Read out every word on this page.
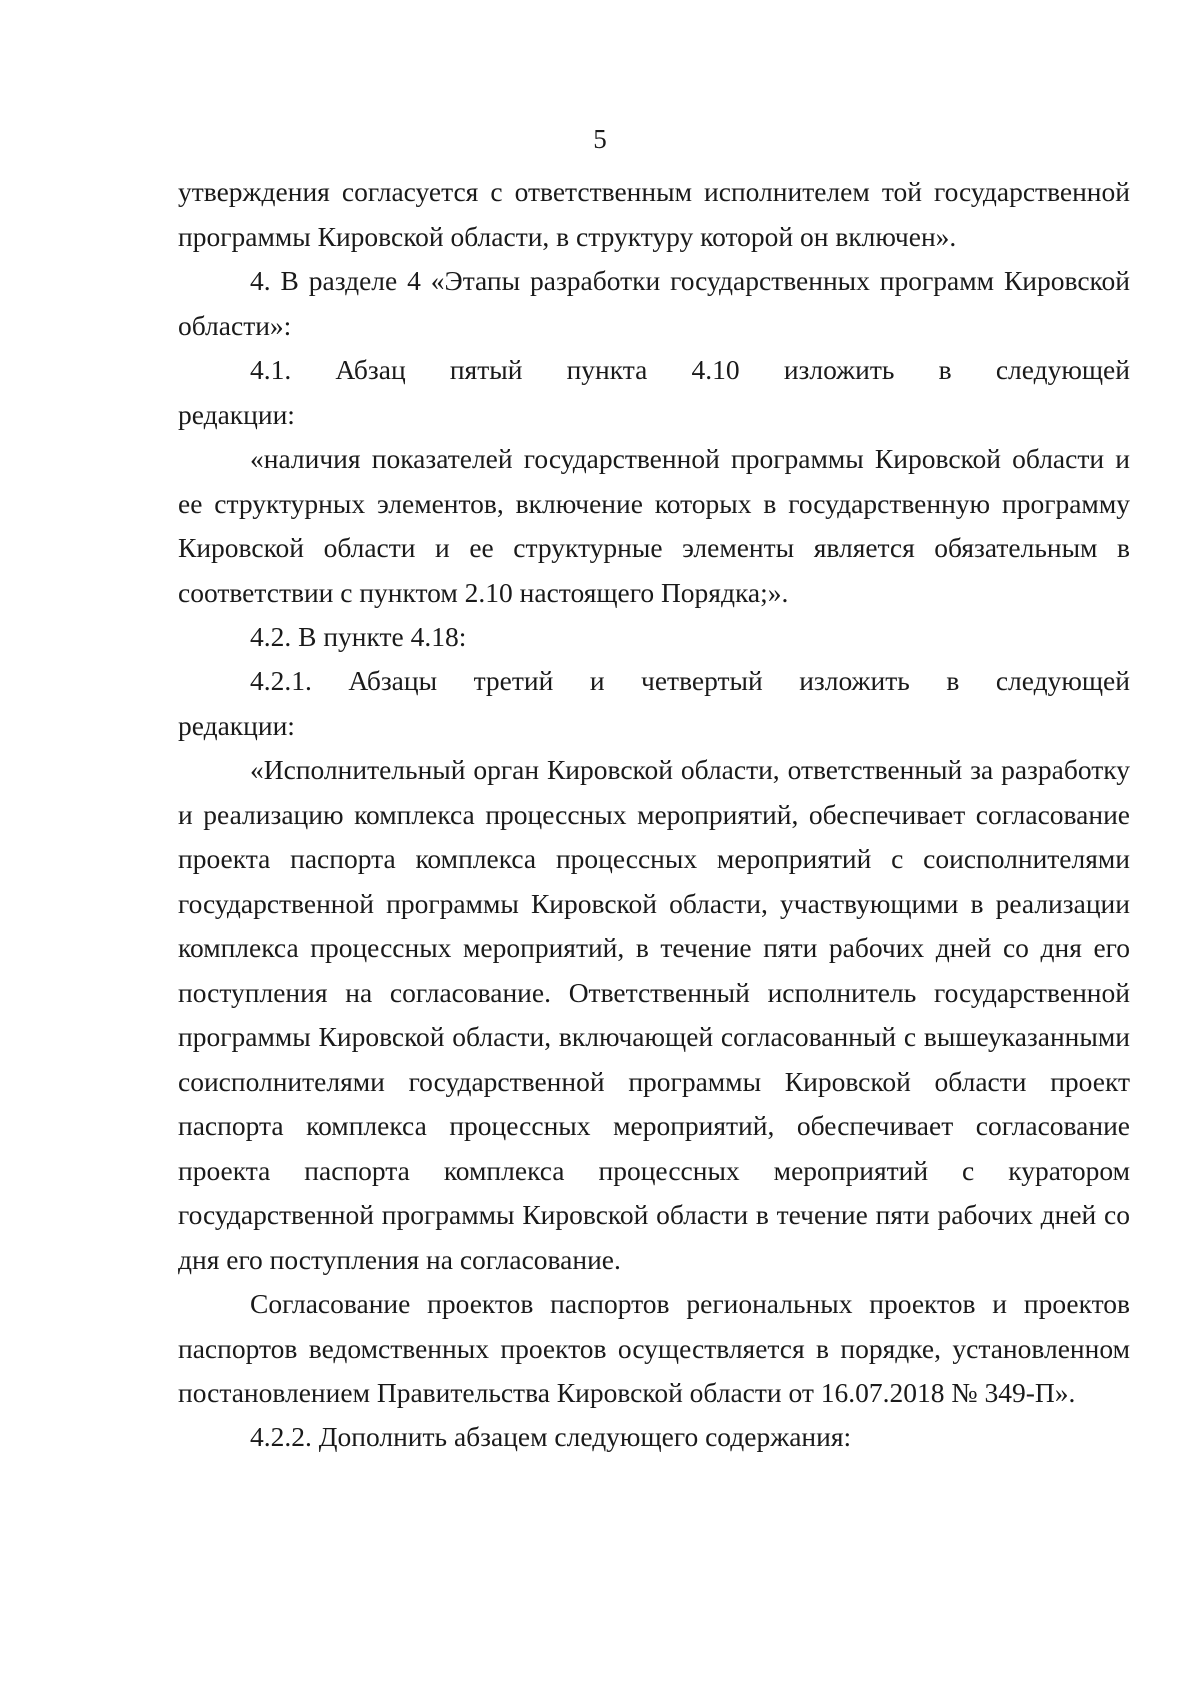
5

утверждения согласуется с ответственным исполнителем той государственной программы Кировской области, в структуру которой он включен».

4. В разделе 4 «Этапы разработки государственных программ Кировской области»:

4.1. Абзац пятый пункта 4.10 изложить в следующей
редакции:

«наличия показателей государственной программы Кировской области и ее структурных элементов, включение которых в государственную программу Кировской области и ее структурные элементы является обязательным в соответствии с пунктом 2.10 настоящего Порядка;».

4.2. В пункте 4.18:

4.2.1. Абзацы третий и четвертый изложить в следующей
редакции:

«Исполнительный орган Кировской области, ответственный за разработку и реализацию комплекса процессных мероприятий, обеспечивает согласование проекта паспорта комплекса процессных мероприятий с соисполнителями государственной программы Кировской области, участвующими в реализации комплекса процессных мероприятий, в течение пяти рабочих дней со дня его поступления на согласование. Ответственный исполнитель государственной программы Кировской области, включающей согласованный с вышеуказанными соисполнителями государственной программы Кировской области проект паспорта комплекса процессных мероприятий, обеспечивает согласование проекта паспорта комплекса процессных мероприятий с куратором государственной программы Кировской области в течение пяти рабочих дней со дня его поступления на согласование.

Согласование проектов паспортов региональных проектов и проектов паспортов ведомственных проектов осуществляется в порядке, установленном постановлением Правительства Кировской области от 16.07.2018 № 349-П».

4.2.2. Дополнить абзацем следующего содержания:
